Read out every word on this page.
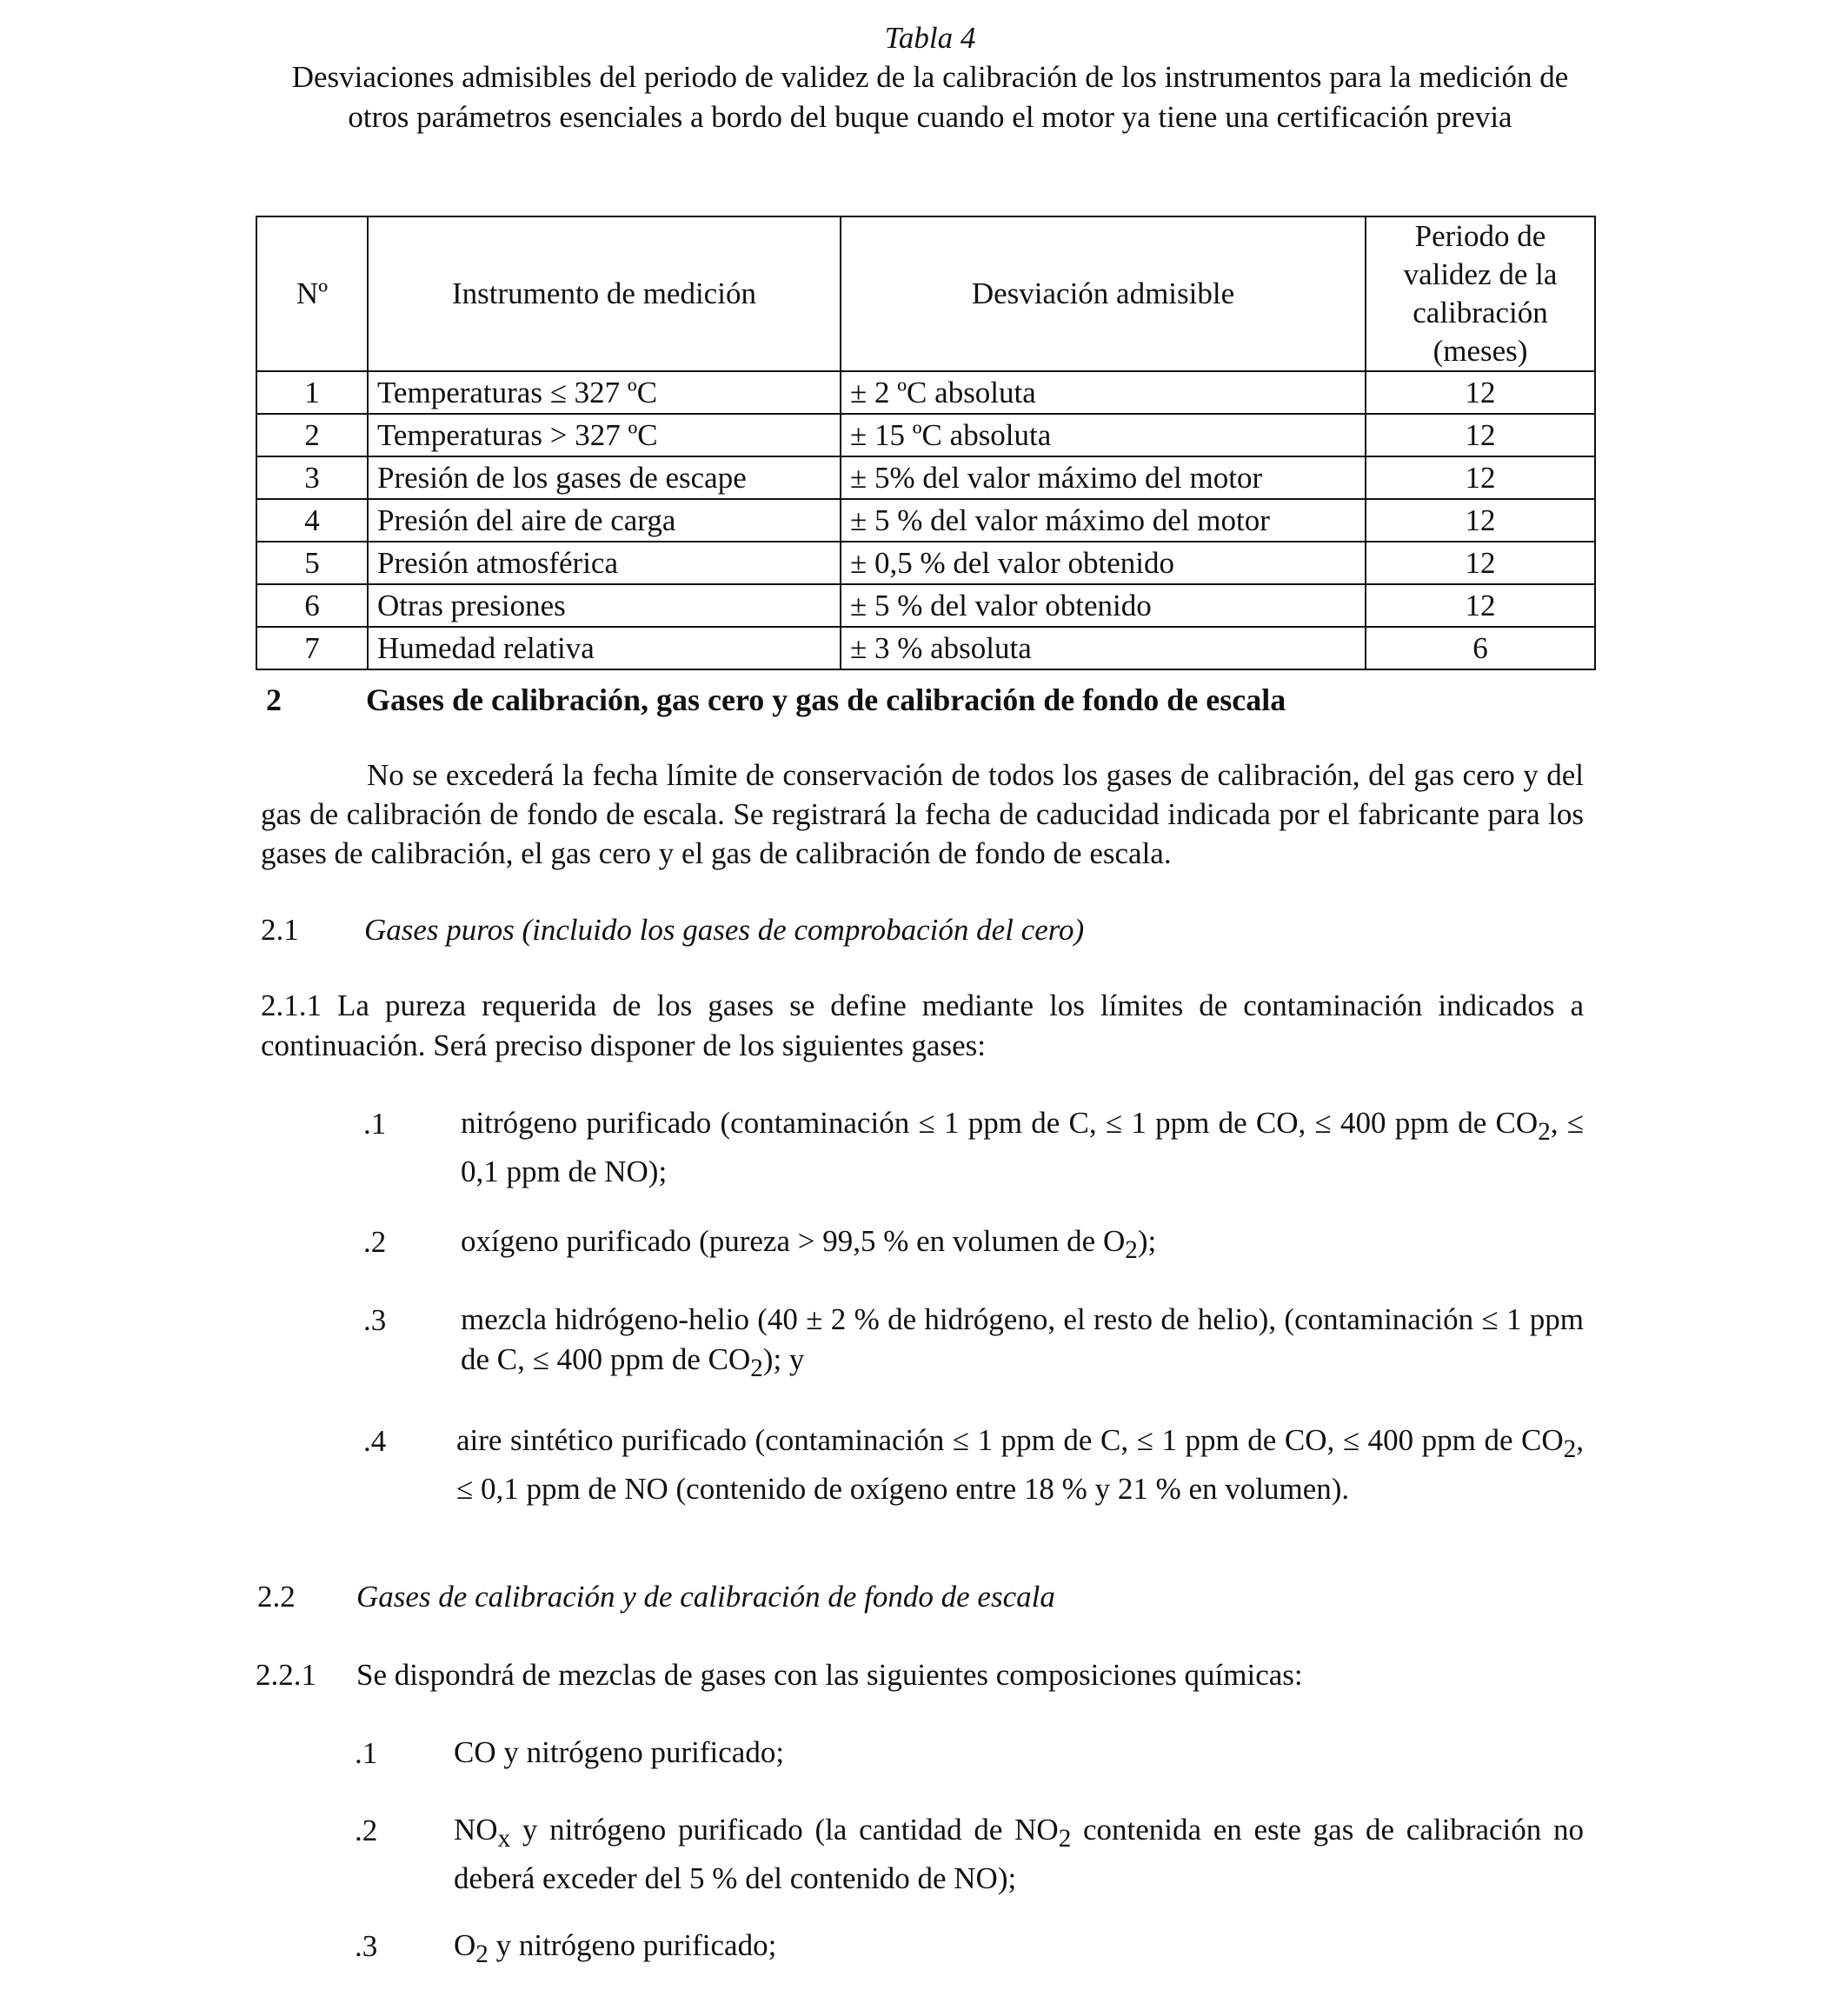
Tabla 4
Desviaciones admisibles del periodo de validez de la calibración de los instrumentos para la medición de otros parámetros esenciales a bordo del buque cuando el motor ya tiene una certificación previa
Nº	Instrumento de medición	Desviación admisible	Periodo de validez de la calibración (meses)
1	Temperaturas ≤ 327 ºC	± 2 ºC absoluta	12
2	Temperaturas > 327 ºC	± 15 ºC absoluta	12
3	Presión de los gases de escape	± 5% del valor máximo del motor	12
4	Presión del aire de carga	± 5 % del valor máximo del motor	12
5	Presión atmosférica	± 0,5 % del valor obtenido	12
6	Otras presiones	± 5 % del valor obtenido	12
7	Humedad relativa	± 3 % absoluta	6
2	Gases de calibración, gas cero y gas de calibración de fondo de escala
No se excederá la fecha límite de conservación de todos los gases de calibración, del gas cero y del gas de calibración de fondo de escala. Se registrará la fecha de caducidad indicada por el fabricante para los gases de calibración, el gas cero y el gas de calibración de fondo de escala.
2.1 Gases puros (incluido los gases de comprobación del cero)
2.1.1 La pureza requerida de los gases se define mediante los límites de contaminación indicados a continuación. Será preciso disponer de los siguientes gases:
.1 nitrógeno purificado (contaminación ≤ 1 ppm de C, ≤ 1 ppm de CO, ≤ 400 ppm de $CO_2$, ≤ 0,1 ppm de NO);
.2 oxígeno purificado (pureza > 99,5 % en volumen de $O_2$);
.3 mezcla hidrógeno-helio (40 ± 2 % de hidrógeno, el resto de helio), (contaminación ≤ 1 ppm de C, ≤ 400 ppm de $CO_2$); y
.4 aire sintético purificado (contaminación ≤ 1 ppm de C, ≤ 1 ppm de CO, ≤ 400 ppm de $CO_2$, ≤ 0,1 ppm de NO (contenido de oxígeno entre 18 % y 21 % en volumen).
2.2 Gases de calibración y de calibración de fondo de escala
2.2.1 Se dispondrá de mezclas de gases con las siguientes composiciones químicas:
.1	CO y nitrógeno purificado;
.2	$NO_x$ y nitrógeno purificado (la cantidad de $NO_2$ contenida en este gas de calibración no deberá exceder del 5 % del contenido de NO);
.3	$O_2$ y nitrógeno purificado;
